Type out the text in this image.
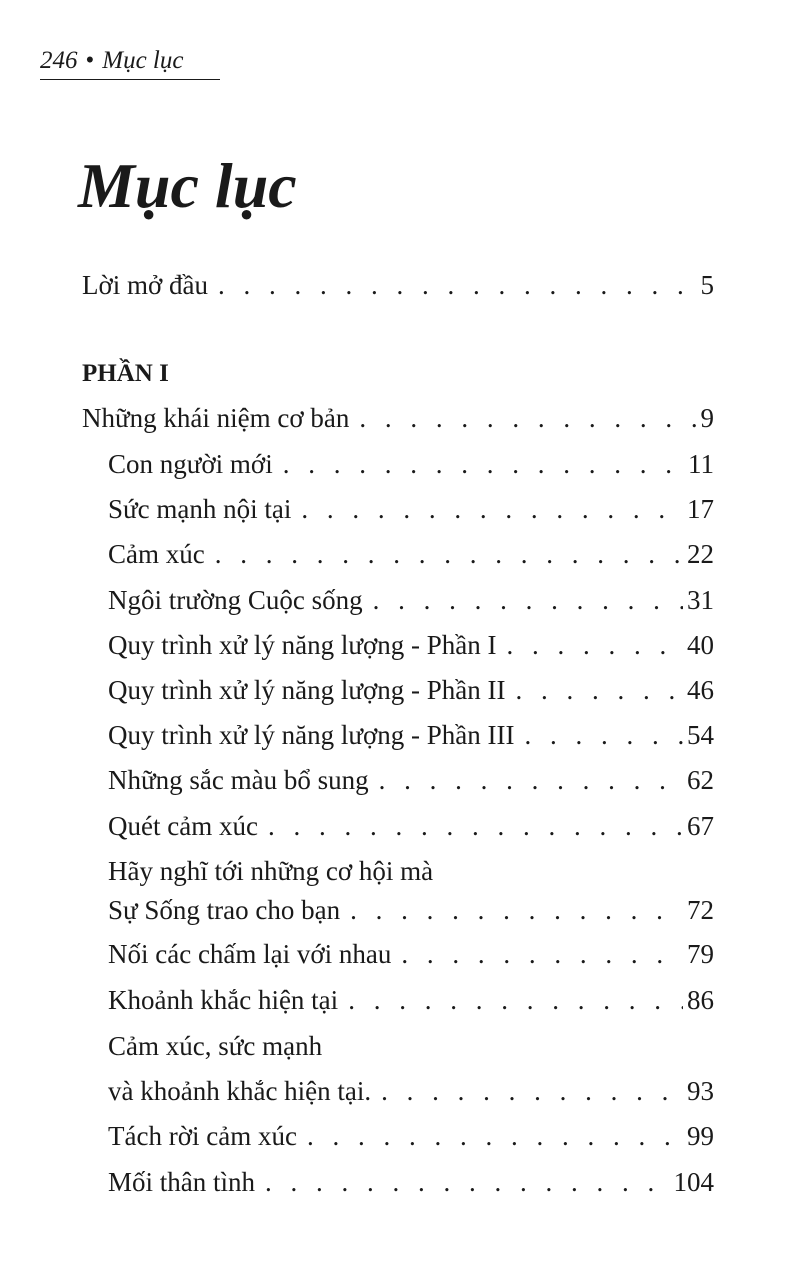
246 • Mục lục
Mục lục
Lời mở đầu . . .	5
PHẦN I
Những khái niệm cơ bản . . .	9
Con người mới . . .	11
Sức mạnh nội tại . . .	17
Cảm xúc . . .	22
Ngôi trường Cuộc sống . . .	31
Quy trình xử lý năng lượng - Phần I . . .	40
Quy trình xử lý năng lượng - Phần II . . .	46
Quy trình xử lý năng lượng - Phần III . . .	54
Những sắc màu bổ sung . . .	62
Quét cảm xúc . . .	67
Hãy nghĩ tới những cơ hội mà
Sự Sống trao cho bạn . . .	72
Nối các chấm lại với nhau . . .	79
Khoảnh khắc hiện tại . . .	86
Cảm xúc, sức mạnh
và khoảnh khắc hiện tại. . . .	93
Tách rời cảm xúc . . .	99
Mối thân tình . . .	104
